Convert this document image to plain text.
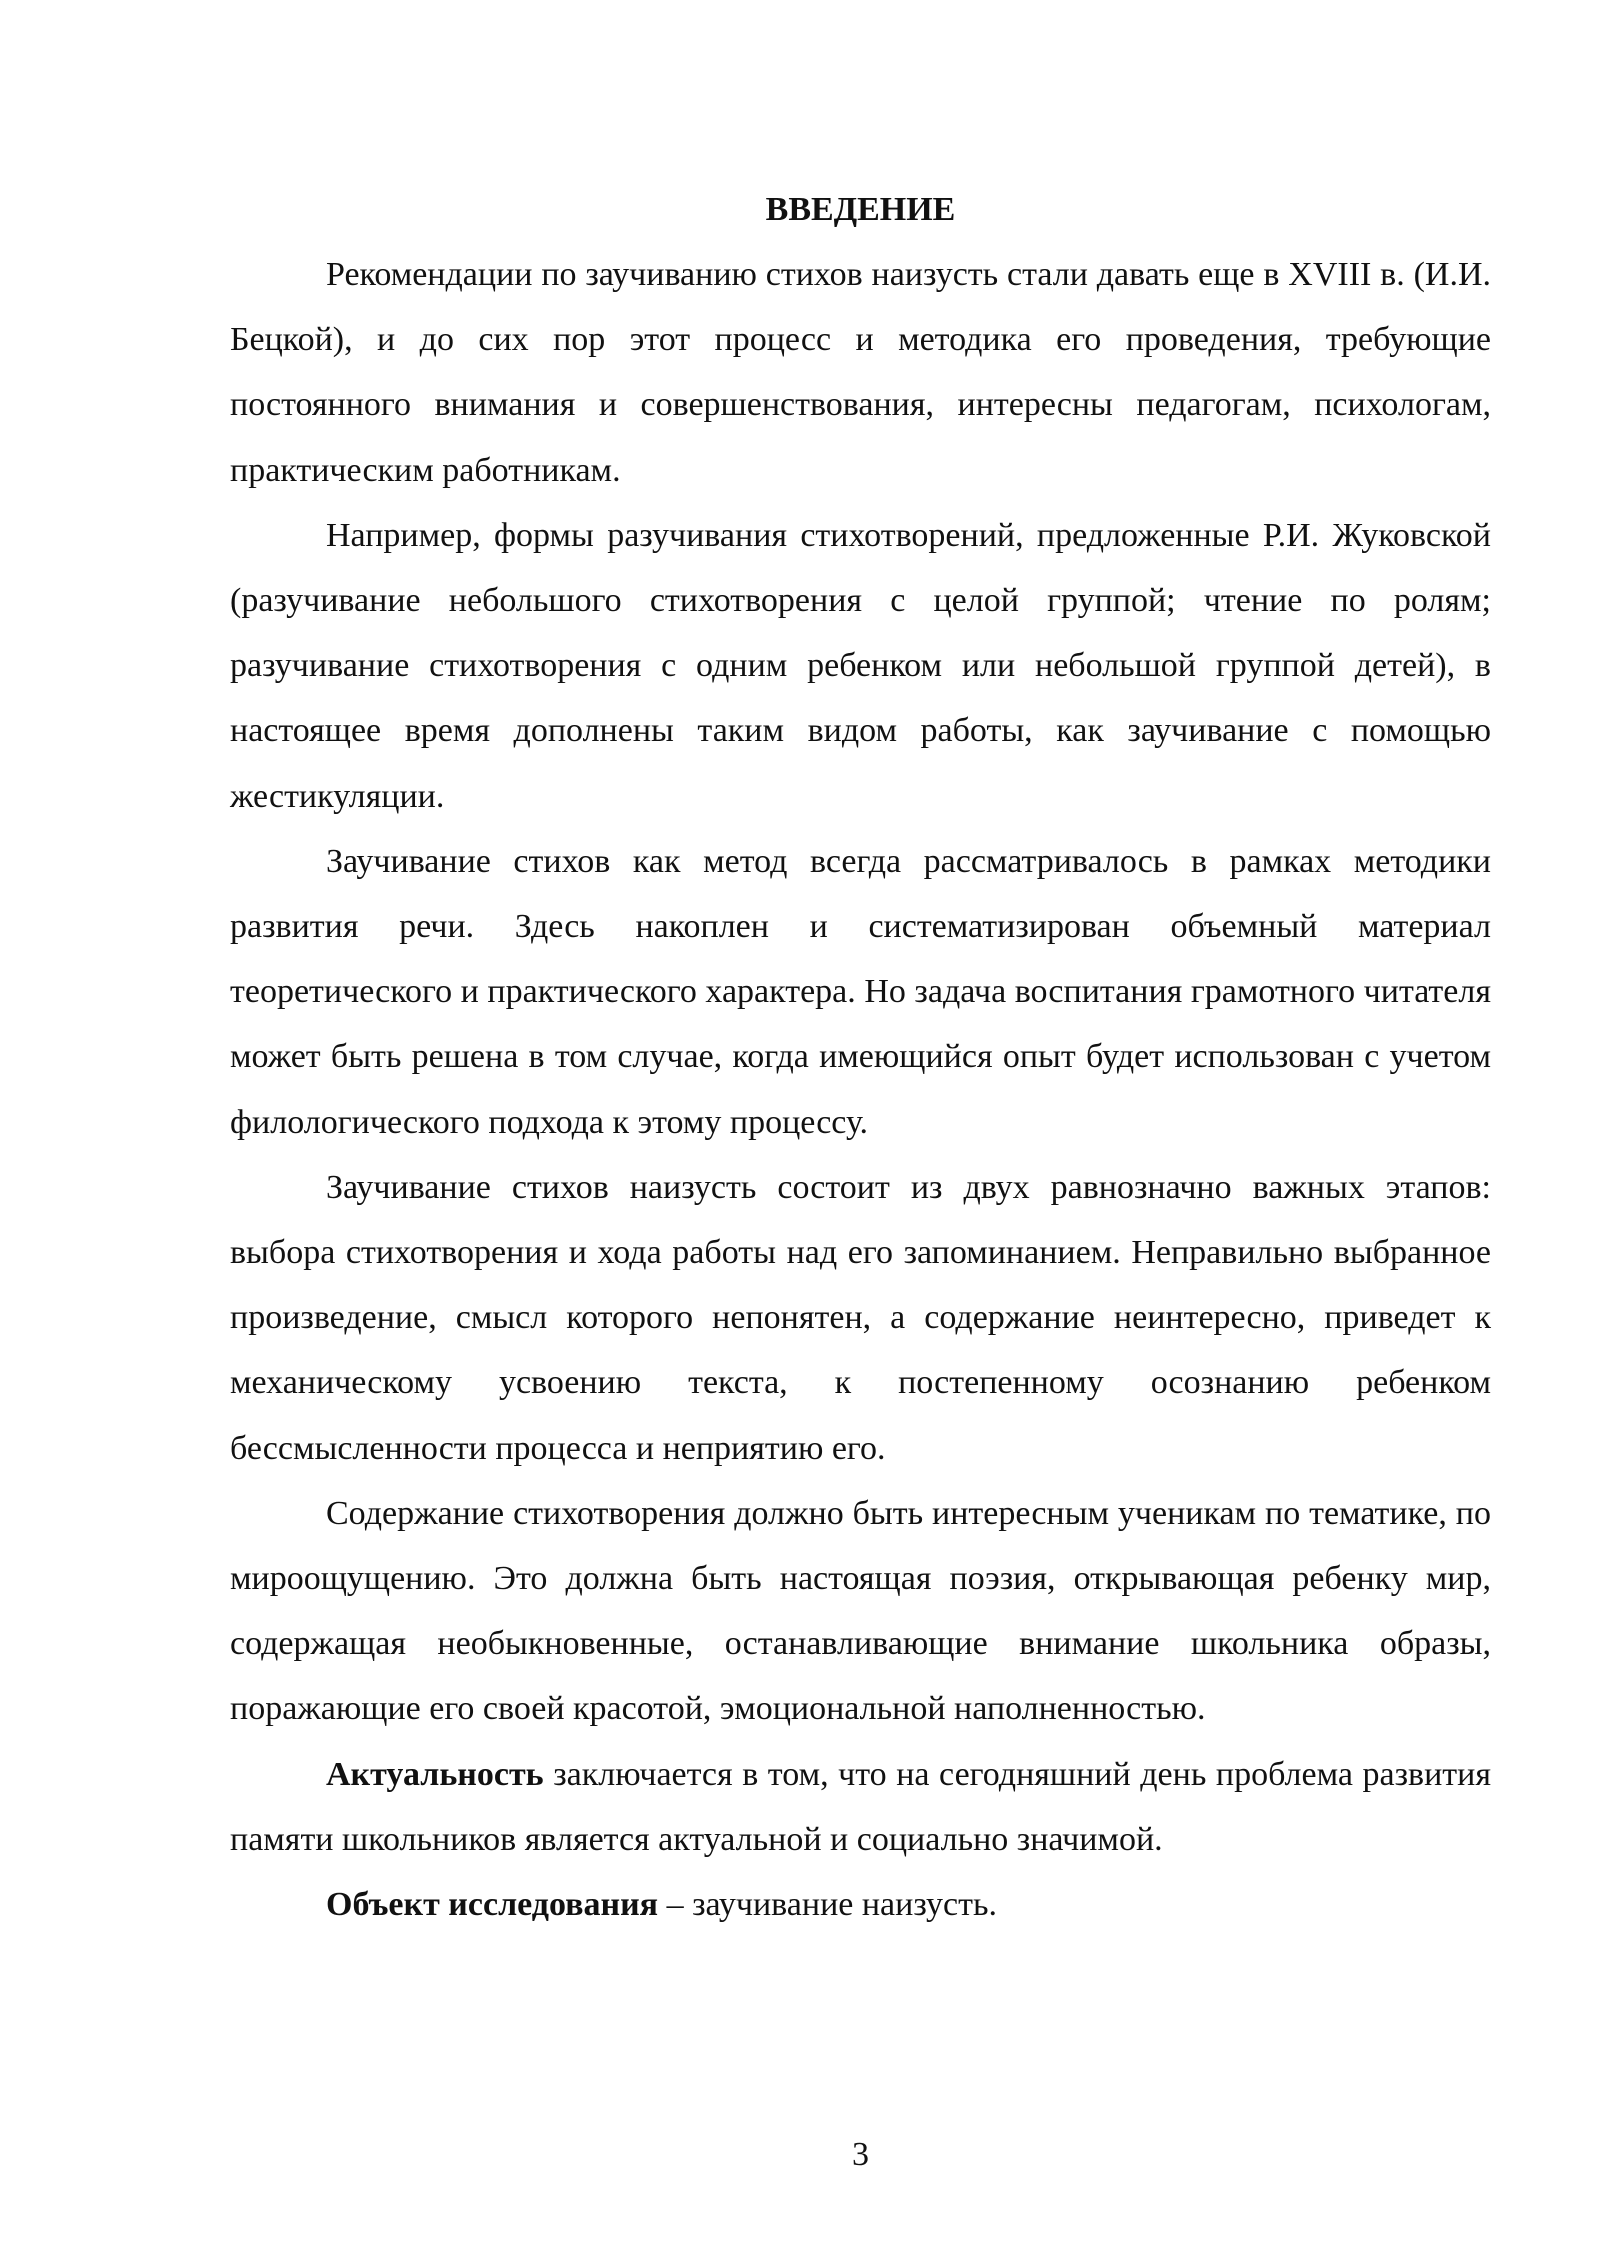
ВВЕДЕНИЕ

Рекомендации по заучиванию стихов наизусть стали давать еще в XVIII в. (И.И. Бецкой), и до сих пор этот процесс и методика его проведения, требующие постоянного внимания и совершенствования, интересны педагогам, психологам, практическим работникам.

Например, формы разучивания стихотворений, предложенные Р.И. Жуковской (разучивание небольшого стихотворения с целой группой; чтение по ролям; разучивание стихотворения с одним ребенком или небольшой группой детей), в настоящее время дополнены таким видом работы, как заучивание с помощью жестикуляции.

Заучивание стихов как метод всегда рассматривалось в рамках методики развития речи. Здесь накоплен и систематизирован объемный материал теоретического и практического характера. Но задача воспитания грамотного читателя может быть решена в том случае, когда имеющийся опыт будет использован с учетом филологического подхода к этому процессу.

Заучивание стихов наизусть состоит из двух равнозначно важных этапов: выбора стихотворения и хода работы над его запоминанием. Неправильно выбранное произведение, смысл которого непонятен, а содержание неинтересно, приведет к механическому усвоению текста, к постепенному осознанию ребенком бессмысленности процесса и неприятию его.

Содержание стихотворения должно быть интересным ученикам по тематике, по мироощущению. Это должна быть настоящая поэзия, открывающая ребенку мир, содержащая необыкновенные, останавливающие внимание школьника образы, поражающие его своей красотой, эмоциональной наполненностью.

Актуальность заключается в том, что на сегодняшний день проблема развития памяти школьников является актуальной и социально значимой.

Объект исследования – заучивание наизусть.

3
